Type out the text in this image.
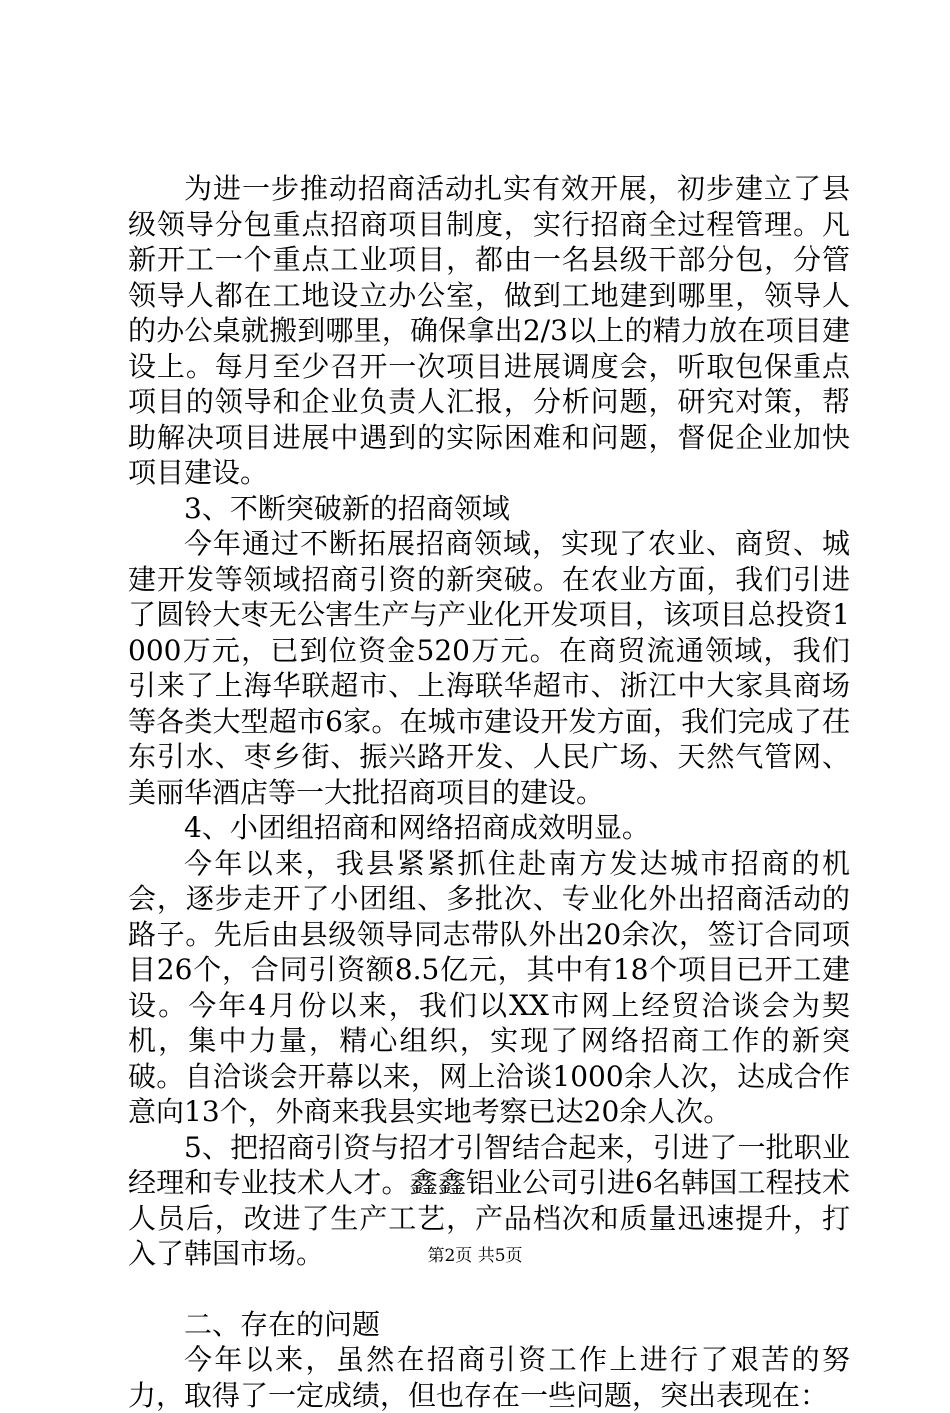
为进一步推动招商活动扎实有效开展，初步建立了县级领导分包重点招商项目制度，实行招商全过程管理。凡新开工一个重点工业项目，都由一名县级干部分包，分管领导人都在工地设立办公室，做到工地建到哪里，领导人的办公桌就搬到哪里，确保拿出2/3以上的精力放在项目建设上。每月至少召开一次项目进展调度会，听取包保重点项目的领导和企业负责人汇报，分析问题，研究对策，帮助解决项目进展中遇到的实际困难和问题，督促企业加快项目建设。

3、不断突破新的招商领域

今年通过不断拓展招商领域，实现了农业、商贸、城建开发等领域招商引资的新突破。在农业方面，我们引进了圆铃大枣无公害生产与产业化开发项目，该项目总投资1000万元，已到位资金520万元。在商贸流通领域，我们引来了上海华联超市、上海联华超市、浙江中大家具商场等各类大型超市6家。在城市建设开发方面，我们完成了茌东引水、枣乡街、振兴路开发、人民广场、天然气管网、美丽华酒店等一大批招商项目的建设。

4、小团组招商和网络招商成效明显。

今年以来，我县紧紧抓住赴南方发达城市招商的机会，逐步走开了小团组、多批次、专业化外出招商活动的路子。先后由县级领导同志带队外出20余次，签订合同项目26个，合同引资额8.5亿元，其中有18个项目已开工建设。今年4月份以来，我们以XX市网上经贸洽谈会为契机，集中力量，精心组织，实现了网络招商工作的新突破。自洽谈会开幕以来，网上洽谈1000余人次，达成合作意向13个，外商来我县实地考察已达20余人次。

5、把招商引资与招才引智结合起来，引进了一批职业经理和专业技术人才。鑫鑫铝业公司引进6名韩国工程技术人员后，改进了生产工艺，产品档次和质量迅速提升，打入了韩国市场。

二、存在的问题

今年以来，虽然在招商引资工作上进行了艰苦的努力，取得了一定成绩，但也存在一些问题，突出表现在：

第2页 共5页
